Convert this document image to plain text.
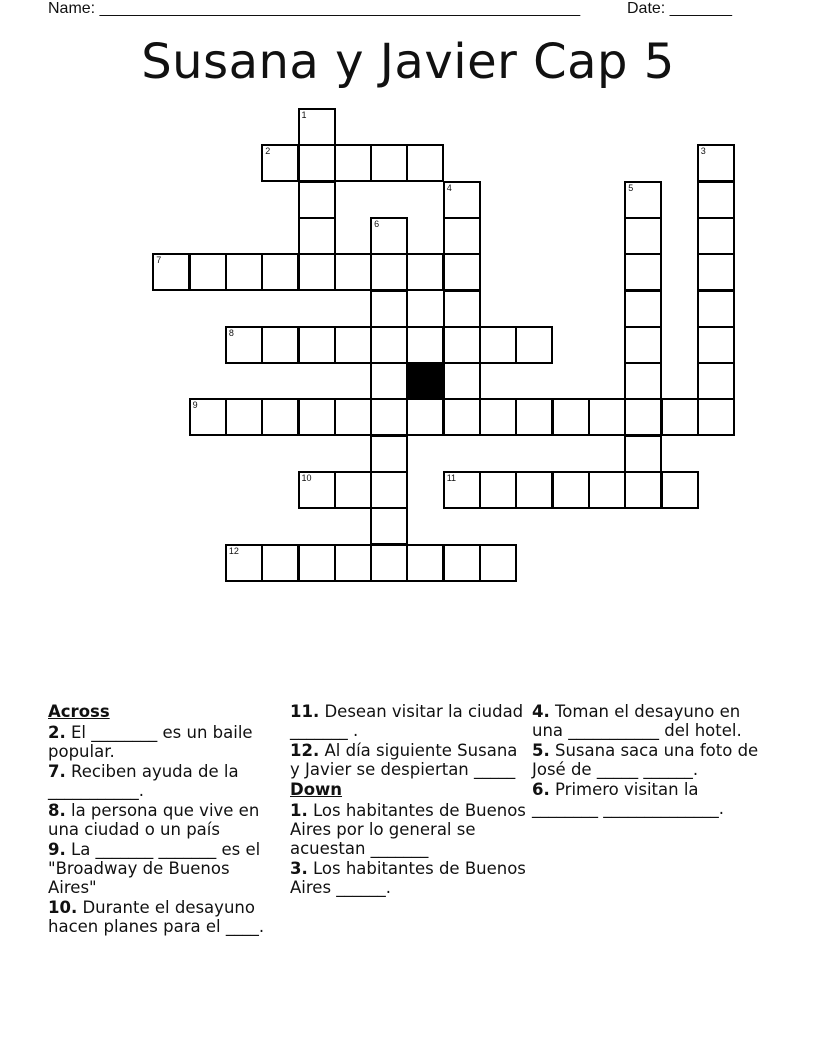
Name: ______________________________________________________	Date: _______
Susana y Javier Cap 5
1
2	3
4	5
6
7
8
9
10	11
12
Across
2. El ________ es un baile popular.
7. Reciben ayuda de la ___________.
8. la persona que vive en una ciudad o un país
9. La _______ _______ es el "Broadway de Buenos Aires"
10. Durante el desayuno hacen planes para el ____.
11. Desean visitar la ciudad _______ .
12. Al día siguiente Susana y Javier se despiertan _____
Down
1. Los habitantes de Buenos Aires por lo general se acuestan _______
3. Los habitantes de Buenos Aires ______.
4. Toman el desayuno en una ___________ del hotel.
5. Susana saca una foto de José de _____ ______.
6. Primero visitan la ________ ______________.
